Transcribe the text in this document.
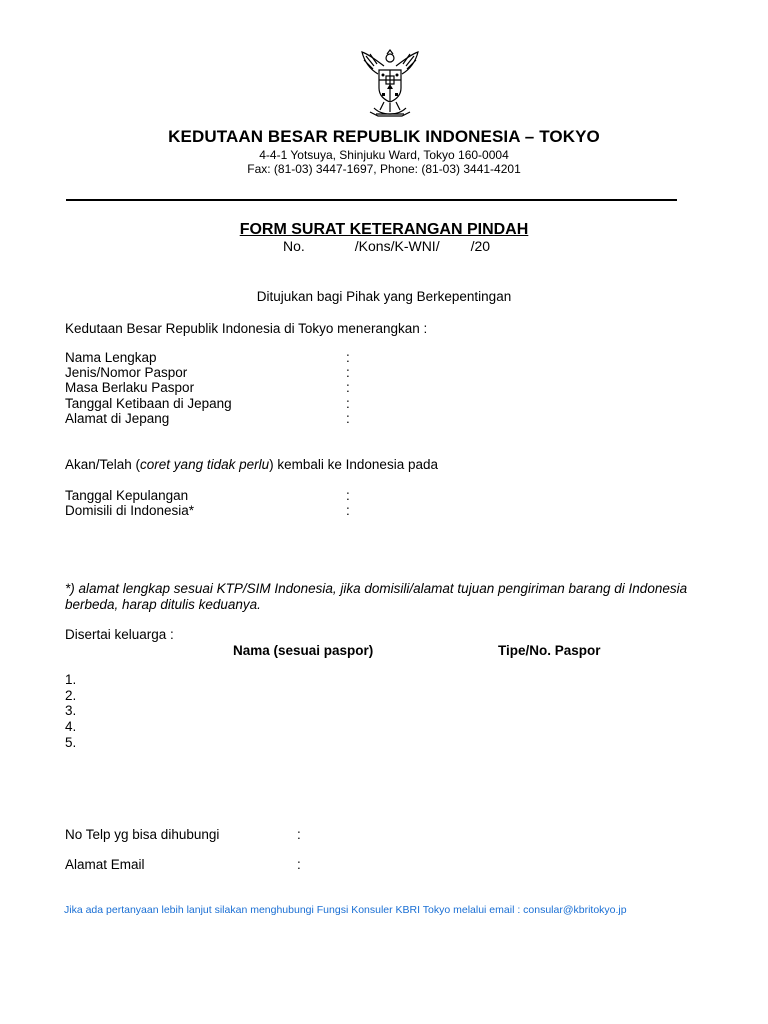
KEDUTAAN BESAR REPUBLIK INDONESIA – TOKYO
4-4-1 Yotsuya, Shinjuku Ward, Tokyo 160-0004
Fax: (81-03) 3447-1697, Phone: (81-03) 3441-4201
FORM SURAT KETERANGAN PINDAH
No.	/Kons/K-WNI/ /20
Ditujukan bagi Pihak yang Berkepentingan
Kedutaan Besar Republik Indonesia di Tokyo menerangkan :
Nama Lengkap	:
Jenis/Nomor Paspor	:
Masa Berlaku Paspor	:
Tanggal Ketibaan di Jepang	:
Alamat di Jepang	:
Akan/Telah (coret yang tidak perlu) kembali ke Indonesia pada
Tanggal Kepulangan	:
Domisili di Indonesia*	:
*) alamat lengkap sesuai KTP/SIM Indonesia, jika domisili/alamat tujuan pengiriman barang di Indonesia berbeda, harap ditulis keduanya.
Disertai keluarga :
Nama (sesuai paspor)	Tipe/No. Paspor
1.
2.
3.
4.
5.
No Telp yg bisa dihubungi	:
Alamat Email	:
Jika ada pertanyaan lebih lanjut silakan menghubungi Fungsi Konsuler KBRI Tokyo melalui email : consular@kbritokyo.jp
